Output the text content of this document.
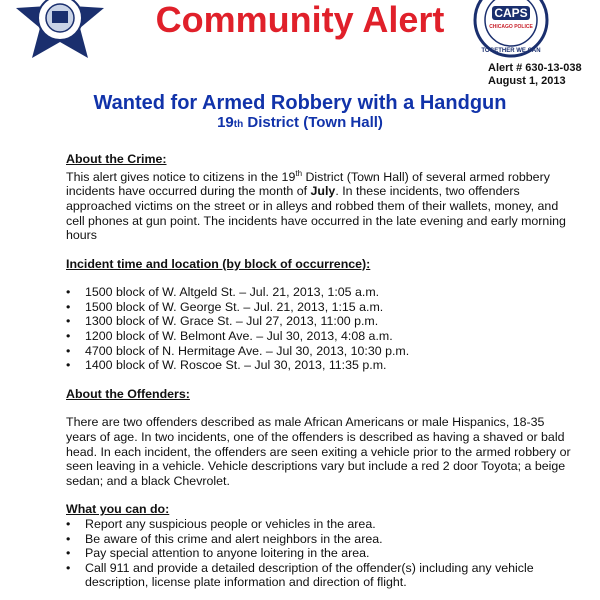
Community Alert	CAPS
CHICAGO POLICE
TOGETHER WE CAN
Alert # 630-13-038
August 1, 2013
Wanted for Armed Robbery with a Handgun
19th District (Town Hall)
About the Crime:

This alert gives notice to citizens in the 19th District (Town Hall) of several armed robbery incidents have occurred during the month of July. In these incidents, two offenders approached victims on the street or in alleys and robbed them of their wallets, money, and cell phones at gun point. The incidents have occurred in the late evening and early morning hours

Incident time and location (by block of occurrence):
• 1500 block of W. Altgeld St. – Jul. 21, 2013, 1:05 a.m.
• 1500 block of W. George St. – Jul. 21, 2013, 1:15 a.m.
• 1300 block of W. Grace St. – Jul 27, 2013, 11:00 p.m.
• 1200 block of W. Belmont Ave. – Jul 30, 2013, 4:08 a.m.
• 4700 block of N. Hermitage Ave. – Jul 30, 2013, 10:30 p.m.
• 1400 block of W. Roscoe St. – Jul 30, 2013, 11:35 p.m.
About the Offenders:

There are two offenders described as male African Americans or male Hispanics, 18-35 years of age. In two incidents, one of the offenders is described as having a shaved or bald head. In each incident, the offenders are seen exiting a vehicle prior to the armed robbery or seen leaving in a vehicle. Vehicle descriptions vary but include a red 2 door Toyota; a beige sedan; and a black Chevrolet.

What you can do:
• Report any suspicious people or vehicles in the area.
• Be aware of this crime and alert neighbors in the area.
• Pay special attention to anyone loitering in the area.
• Call 911 and provide a detailed description of the offender(s) including any vehicle description, license plate information and direction of flight.
